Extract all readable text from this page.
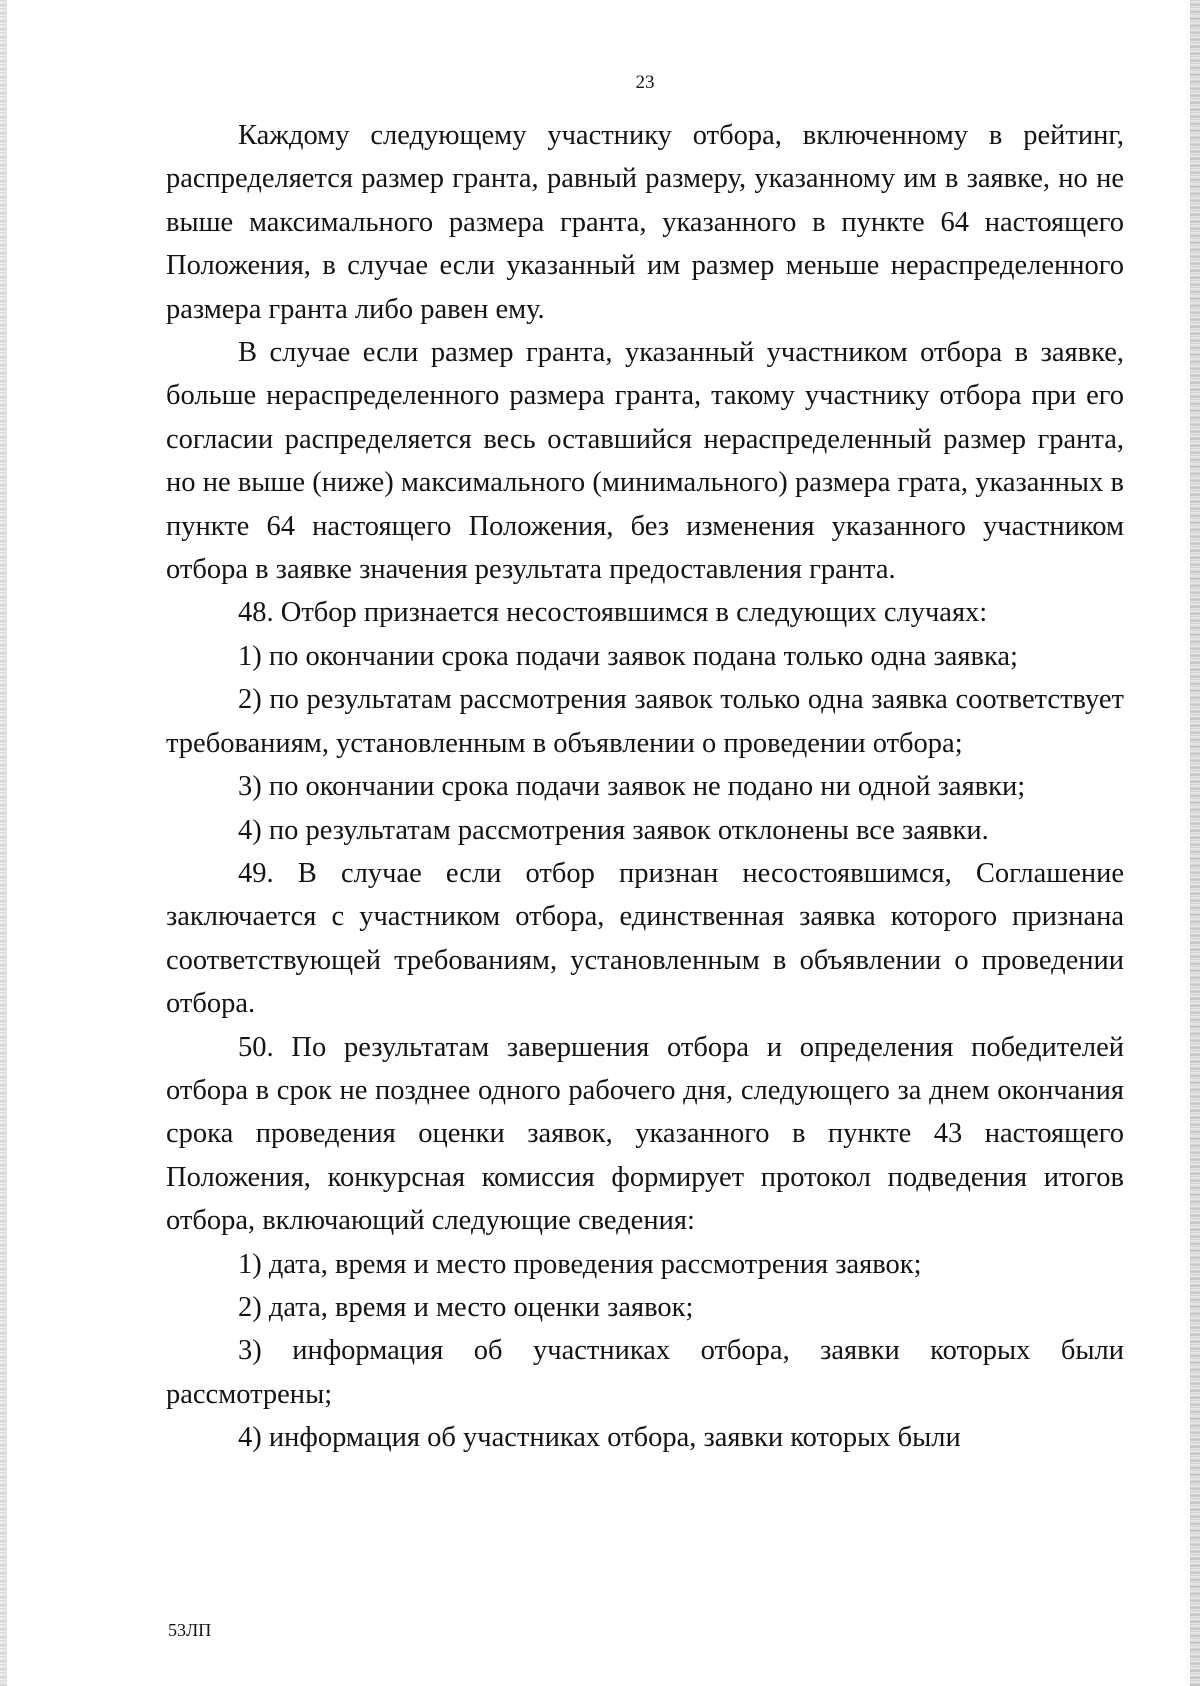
23

Каждому следующему участнику отбора, включенному в рейтинг, распределяется размер гранта, равный размеру, указанному им в заявке, но не выше максимального размера гранта, указанного в пункте 64 настоящего Положения, в случае если указанный им размер меньше нераспределенного размера гранта либо равен ему.

В случае если размер гранта, указанный участником отбора в заявке, больше нераспределенного размера гранта, такому участнику отбора при его согласии распределяется весь оставшийся нераспределенный размер гранта, но не выше (ниже) максимального (минимального) размера грата, указанных в пункте 64 настоящего Положения, без изменения указанного участником отбора в заявке значения результата предоставления гранта.

48. Отбор признается несостоявшимся в следующих случаях:

1) по окончании срока подачи заявок подана только одна заявка;

2) по результатам рассмотрения заявок только одна заявка соответствует требованиям, установленным в объявлении о проведении отбора;

3) по окончании срока подачи заявок не подано ни одной заявки;

4) по результатам рассмотрения заявок отклонены все заявки.

49. В случае если отбор признан несостоявшимся, Соглашение заключается с участником отбора, единственная заявка которого признана соответствующей требованиям, установленным в объявлении о проведении отбора.

50. По результатам завершения отбора и определения победителей отбора в срок не позднее одного рабочего дня, следующего за днем окончания срока проведения оценки заявок, указанного в пункте 43 настоящего Положения, конкурсная комиссия формирует протокол подведения итогов отбора, включающий следующие сведения:

1) дата, время и место проведения рассмотрения заявок;

2) дата, время и место оценки заявок;

3) информация об участниках отбора, заявки которых были рассмотрены;

4) информация об участниках отбора, заявки которых были

53ЛП
